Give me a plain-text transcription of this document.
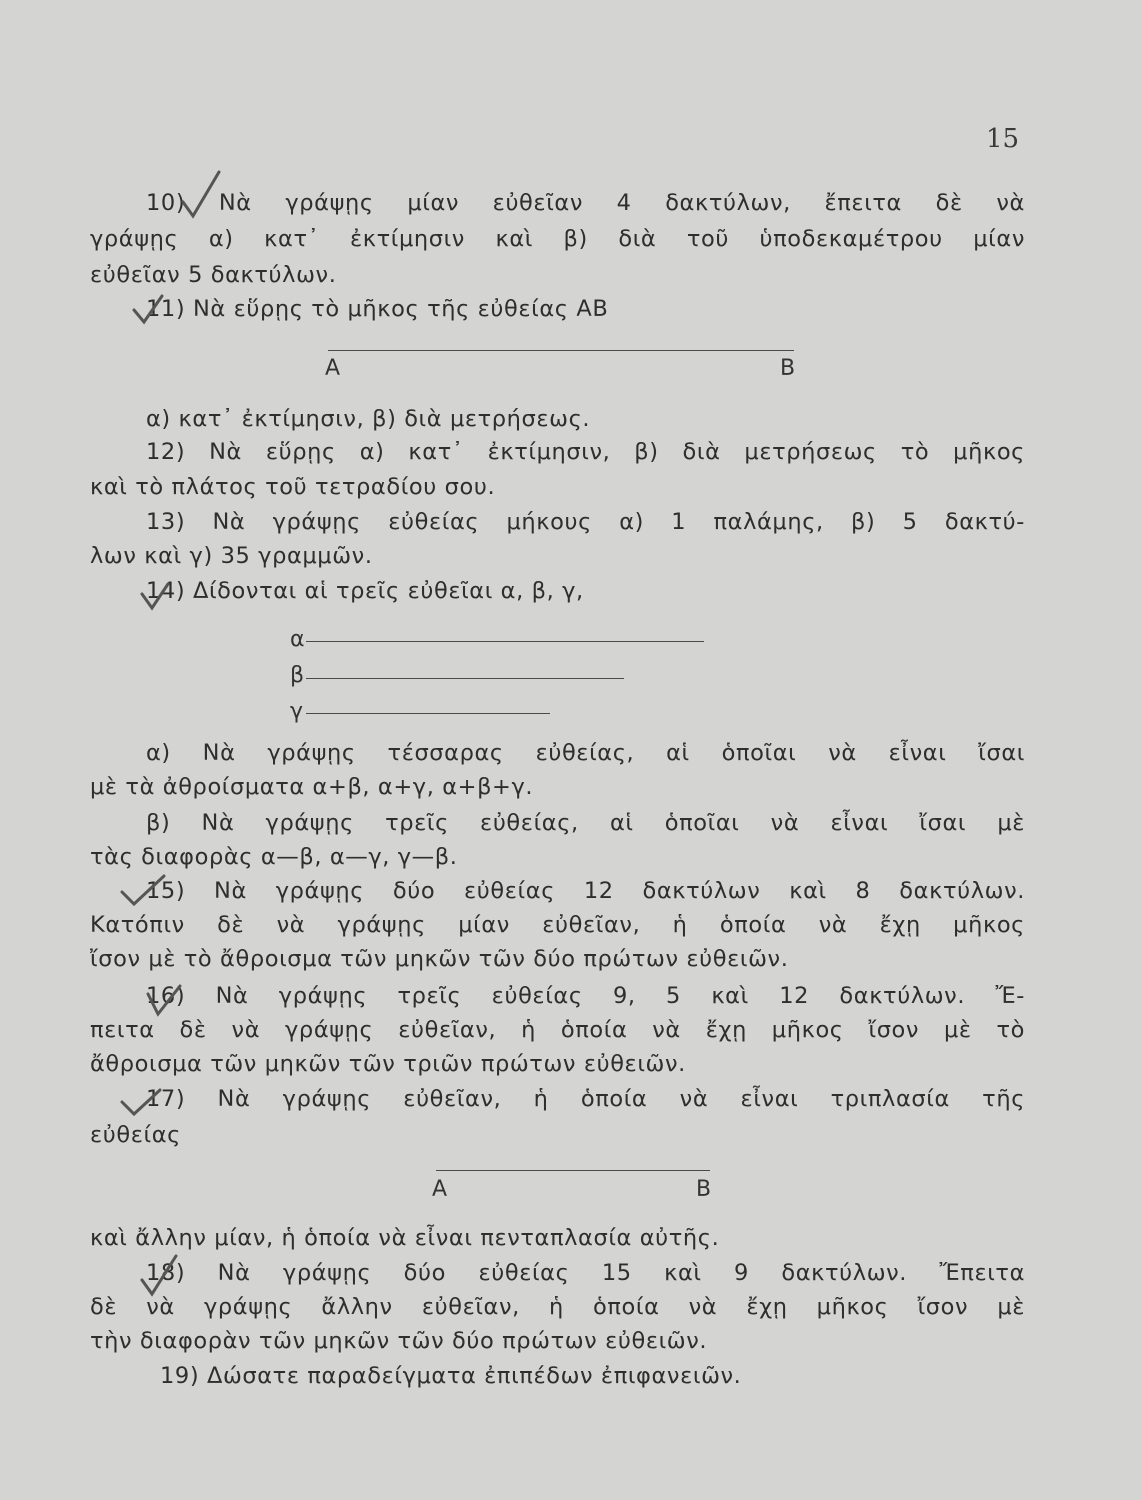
15
10) Νὰ γράψῃς μίαν εὐθεῖαν 4 δακτύλων, ἔπειτα δὲ νὰ
γράψῃς α) κατ᾿ ἐκτίμησιν καὶ β) διὰ τοῦ ὑποδεκαμέτρου μίαν
εὐθεῖαν 5 δακτύλων.
11) Νὰ εὕρῃς τὸ μῆκος τῆς εὐθείας ΑΒ
Α	Β
α) κατ᾿ ἐκτίμησιν, β) διὰ μετρήσεως.
12) Νὰ εὕρῃς α) κατ᾿ ἐκτίμησιν, β) διὰ μετρήσεως τὸ μῆκος
καὶ τὸ πλάτος τοῦ τετραδίου σου.
13) Νὰ γράψῃς εὐθείας μήκους α) 1 παλάμης, β) 5 δακτύ-
λων καὶ γ) 35 γραμμῶν.
14) Δίδονται αἱ τρεῖς εὐθεῖαι α, β, γ,
α
β
γ
α) Νὰ γράψῃς τέσσαρας εὐθείας, αἱ ὁποῖαι νὰ εἶναι ἴσαι
μὲ τὰ ἀθροίσματα α+β, α+γ, α+β+γ.
β) Νὰ γράψῃς τρεῖς εὐθείας, αἱ ὁποῖαι νὰ εἶναι ἴσαι μὲ
τὰς διαφορὰς α—β, α—γ, γ—β.
15) Νὰ γράψῃς δύο εὐθείας 12 δακτύλων καὶ 8 δακτύλων.
Κατόπιν δὲ νὰ γράψῃς μίαν εὐθεῖαν, ἡ ὁποία νὰ ἔχῃ μῆκος
ἴσον μὲ τὸ ἄθροισμα τῶν μηκῶν τῶν δύο πρώτων εὐθειῶν.
16) Νὰ γράψῃς τρεῖς εὐθείας 9, 5 καὶ 12 δακτύλων. Ἔ-
πειτα δὲ νὰ γράψῃς εὐθεῖαν, ἡ ὁποία νὰ ἔχῃ μῆκος ἴσον μὲ τὸ
ἄθροισμα τῶν μηκῶν τῶν τριῶν πρώτων εὐθειῶν.
17) Νὰ γράψῃς εὐθεῖαν, ἡ ὁποία νὰ εἶναι τριπλασία τῆς
εὐθείας
Α	Β
καὶ ἄλλην μίαν, ἡ ὁποία νὰ εἶναι πενταπλασία αὐτῆς.
18) Νὰ γράψῃς δύο εὐθείας 15 καὶ 9 δακτύλων. Ἔπειτα
δὲ νὰ γράψῃς ἄλλην εὐθεῖαν, ἡ ὁποία νὰ ἔχῃ μῆκος ἴσον μὲ
τὴν διαφορὰν τῶν μηκῶν τῶν δύο πρώτων εὐθειῶν.
19) Δώσατε παραδείγματα ἐπιπέδων ἐπιφανειῶν.
